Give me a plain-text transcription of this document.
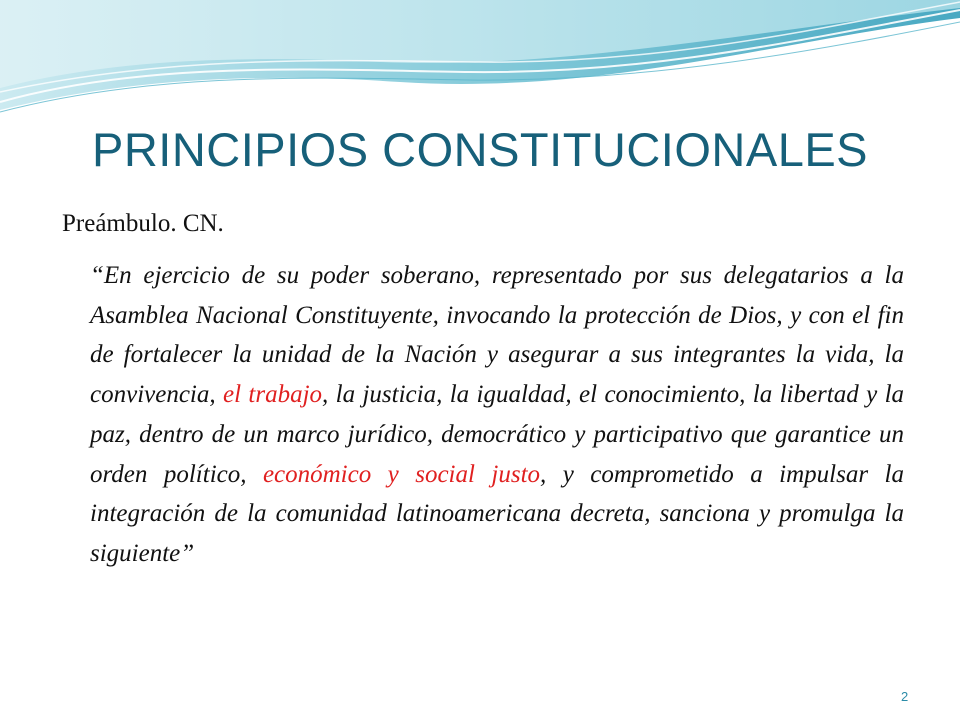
PRINCIPIOS CONSTITUCIONALES

Preámbulo. CN.

“En ejercicio de su poder soberano, representado por sus delegatarios a la Asamblea Nacional Constituyente, invocando la protección de Dios, y con el fin de fortalecer la unidad de la Nación y asegurar a sus integrantes la vida, la convivencia, el trabajo, la justicia, la igualdad, el conocimiento, la libertad y la paz, dentro de un marco jurídico, democrático y participativo que garantice un orden político, económico y social justo, y comprometido a impulsar la integración de la comunidad latinoamericana decreta, sanciona y promulga la siguiente”

2
